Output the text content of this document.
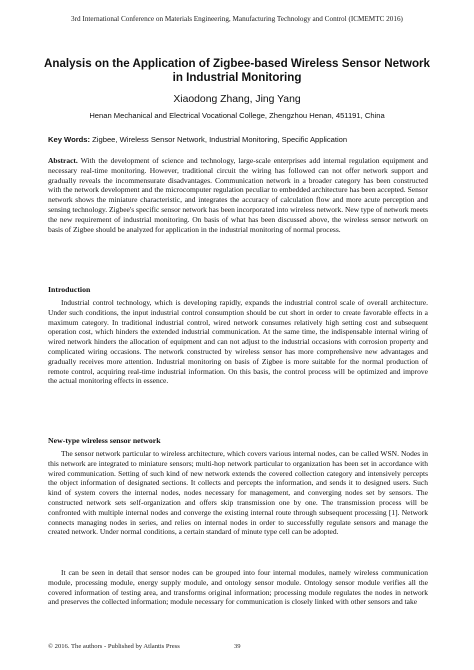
3rd International Conference on Materials Engineering, Manufacturing Technology and Control (ICMEMTC 2016)
Analysis on the Application of Zigbee-based Wireless Sensor Network in Industrial Monitoring
Xiaodong Zhang, Jing Yang
Henan Mechanical and Electrical Vocational College, Zhengzhou Henan, 451191, China
Key Words: Zigbee, Wireless Sensor Network, Industrial Monitoring, Specific Application
Abstract. With the development of science and technology, large-scale enterprises add internal regulation equipment and necessary real-time monitoring. However, traditional circuit the wiring has followed can not offer network support and gradually reveals the incommensurate disadvantages. Communication network in a broader category has been constructed with the network development and the microcomputer regulation peculiar to embedded architecture has been accepted. Sensor network shows the miniature characteristic, and integrates the accuracy of calculation flow and more acute perception and sensing technology. Zigbee's specific sensor network has been incorporated into wireless network. New type of network meets the new requirement of industrial monitoring. On basis of what has been discussed above, the wireless sensor network on basis of Zigbee should be analyzed for application in the industrial monitoring of normal process.
Introduction
Industrial control technology, which is developing rapidly, expands the industrial control scale of overall architecture. Under such conditions, the input industrial control consumption should be cut short in order to create favorable effects in a maximum category. In traditional industrial control, wired network consumes relatively high setting cost and subsequent operation cost, which hinders the extended industrial communication. At the same time, the indispensable internal wiring of wired network hinders the allocation of equipment and can not adjust to the industrial occasions with corrosion property and complicated wiring occasions. The network constructed by wireless sensor has more comprehensive new advantages and gradually receives more attention. Industrial monitoring on basis of Zigbee is more suitable for the normal production of remote control, acquiring real-time industrial information. On this basis, the control process will be optimized and improve the actual monitoring effects in essence.
New-type wireless sensor network
The sensor network particular to wireless architecture, which covers various internal nodes, can be called WSN. Nodes in this network are integrated to miniature sensors; multi-hop network particular to organization has been set in accordance with wired communication. Setting of such kind of new network extends the covered collection category and intensively percepts the object information of designated sections. It collects and percepts the information, and sends it to designed users. Such kind of system covers the internal nodes, nodes necessary for management, and converging nodes set by sensors. The constructed network sets self-organization and offers skip transmission one by one. The transmission process will be confronted with multiple internal nodes and converge the existing internal route through subsequent processing [1]. Network connects managing nodes in series, and relies on internal nodes in order to successfully regulate sensors and manage the created network. Under normal conditions, a certain standard of minute type cell can be adopted.
It can be seen in detail that sensor nodes can be grouped into four internal modules, namely wireless communication module, processing module, energy supply module, and ontology sensor module. Ontology sensor module verifies all the covered information of testing area, and transforms original information; processing module regulates the nodes in network and preserves the collected information; module necessary for communication is closely linked with other sensors and take
© 2016. The authors - Published by Atlantis Press	39
